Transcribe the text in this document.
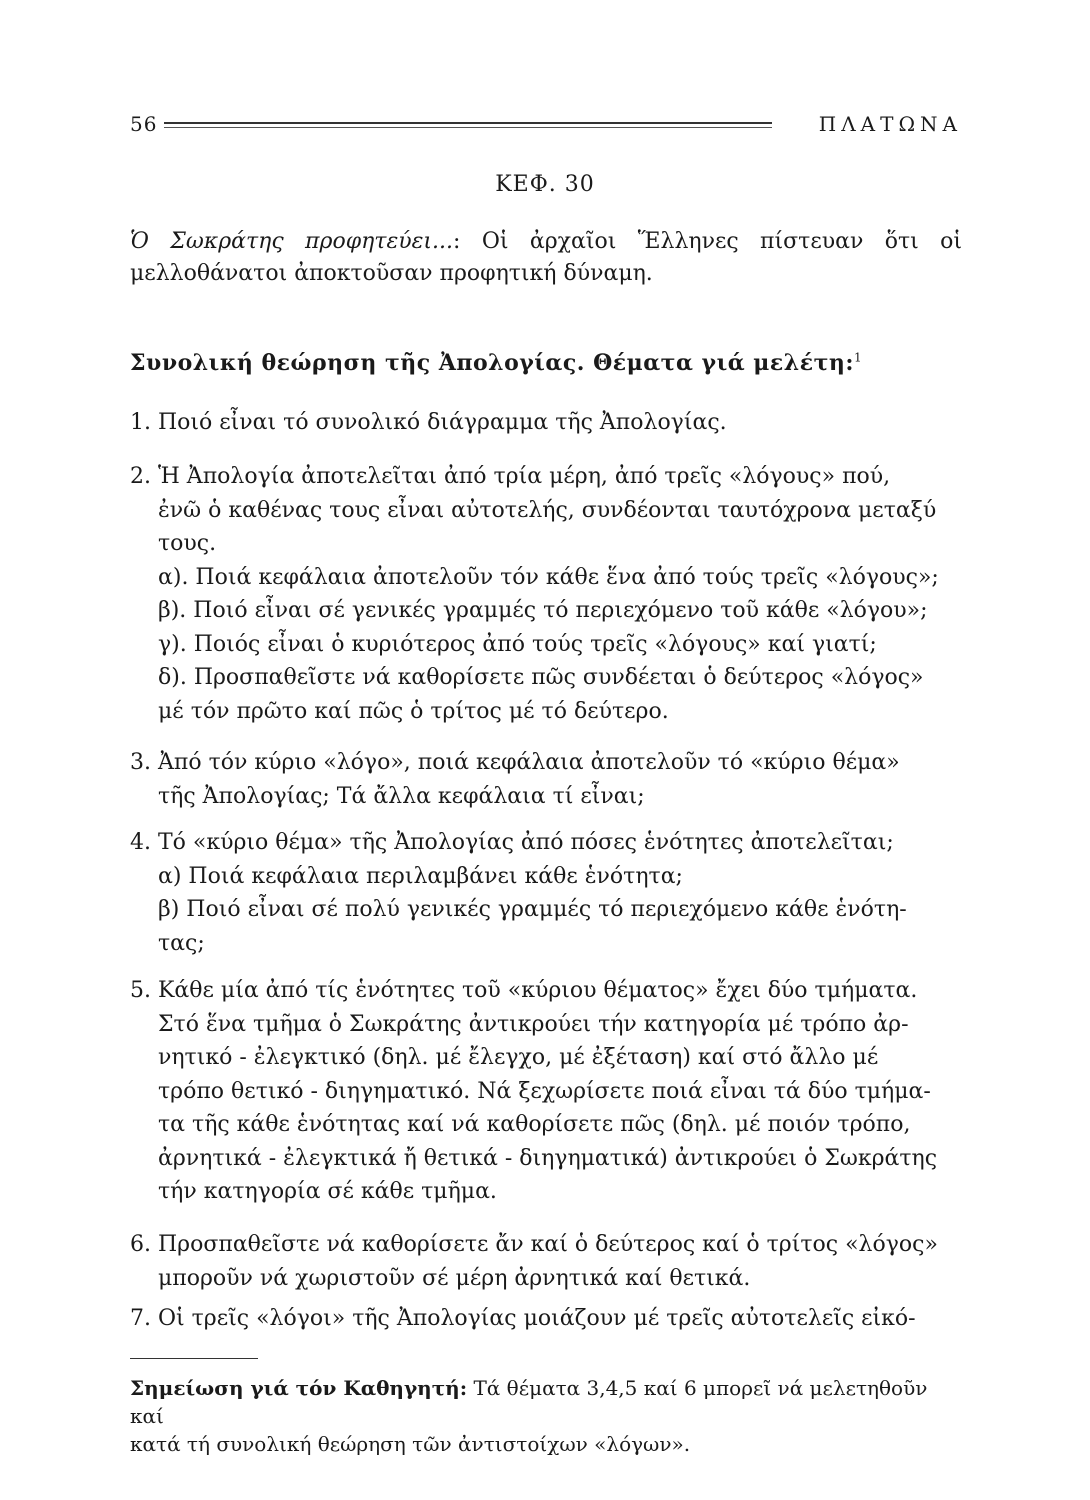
56	ΠΛΑΤΩΝΑ
ΚΕΦ. 30
Ὁ Σωκράτης προφητεύει...: Οἱ ἀρχαῖοι Ἕλληνες πίστευαν ὅτι οἱ μελλοθάνατοι ἀποκτοῦσαν προφητική δύναμη.
Συνολική θεώρηση τῆς Ἀπολογίας. Θέματα γιά μελέτη:$^1$
1. Ποιό εἶναι τό συνολικό διάγραμμα τῆς Ἀπολογίας.
2. Ἡ Ἀπολογία ἀποτελεῖται ἀπό τρία μέρη, ἀπό τρεῖς «λόγους» πού,
ἐνῶ ὁ καθένας τους εἶναι αὐτοτελής, συνδέονται ταυτόχρονα μεταξύ
τους.
α). Ποιά κεφάλαια ἀποτελοῦν τόν κάθε ἕνα ἀπό τούς τρεῖς «λόγους»;
β). Ποιό εἶναι σέ γενικές γραμμές τό περιεχόμενο τοῦ κάθε «λόγου»;
γ). Ποιός εἶναι ὁ κυριότερος ἀπό τούς τρεῖς «λόγους» καί γιατί;
δ). Προσπαθεῖστε νά καθορίσετε πῶς συνδέεται ὁ δεύτερος «λόγος»
μέ τόν πρῶτο καί πῶς ὁ τρίτος μέ τό δεύτερο.
3. Ἀπό τόν κύριο «λόγο», ποιά κεφάλαια ἀποτελοῦν τό «κύριο θέμα»
τῆς Ἀπολογίας; Τά ἄλλα κεφάλαια τί εἶναι;
4. Τό «κύριο θέμα» τῆς Ἀπολογίας ἀπό πόσες ἑνότητες ἀποτελεῖται;
α) Ποιά κεφάλαια περιλαμβάνει κάθε ἑνότητα;
β) Ποιό εἶναι σέ πολύ γενικές γραμμές τό περιεχόμενο κάθε ἑνότη-
τας;
5. Κάθε μία ἀπό τίς ἑνότητες τοῦ «κύριου θέματος» ἔχει δύο τμήματα.
Στό ἕνα τμῆμα ὁ Σωκράτης ἀντικρούει τήν κατηγορία μέ τρόπο ἀρ-
νητικό - ἐλεγκτικό (δηλ. μέ ἔλεγχο, μέ ἐξέταση) καί στό ἄλλο μέ
τρόπο θετικό - διηγηματικό. Νά ξεχωρίσετε ποιά εἶναι τά δύο τμήμα-
τα τῆς κάθε ἑνότητας καί νά καθορίσετε πῶς (δηλ. μέ ποιόν τρόπο,
ἀρνητικά - ἐλεγκτικά ἤ θετικά - διηγηματικά) ἀντικρούει ὁ Σωκράτης
τήν κατηγορία σέ κάθε τμῆμα.
6. Προσπαθεῖστε νά καθορίσετε ἄν καί ὁ δεύτερος καί ὁ τρίτος «λόγος»
μποροῦν νά χωριστοῦν σέ μέρη ἀρνητικά καί θετικά.
7. Οἱ τρεῖς «λόγοι» τῆς Ἀπολογίας μοιάζουν μέ τρεῖς αὐτοτελεῖς εἰκό-
Σημείωση γιά τόν Καθηγητή: Τά θέματα 3,4,5 καί 6 μπορεῖ νά μελετηθοῦν καί
κατά τή συνολική θεώρηση τῶν ἀντιστοίχων «λόγων».
